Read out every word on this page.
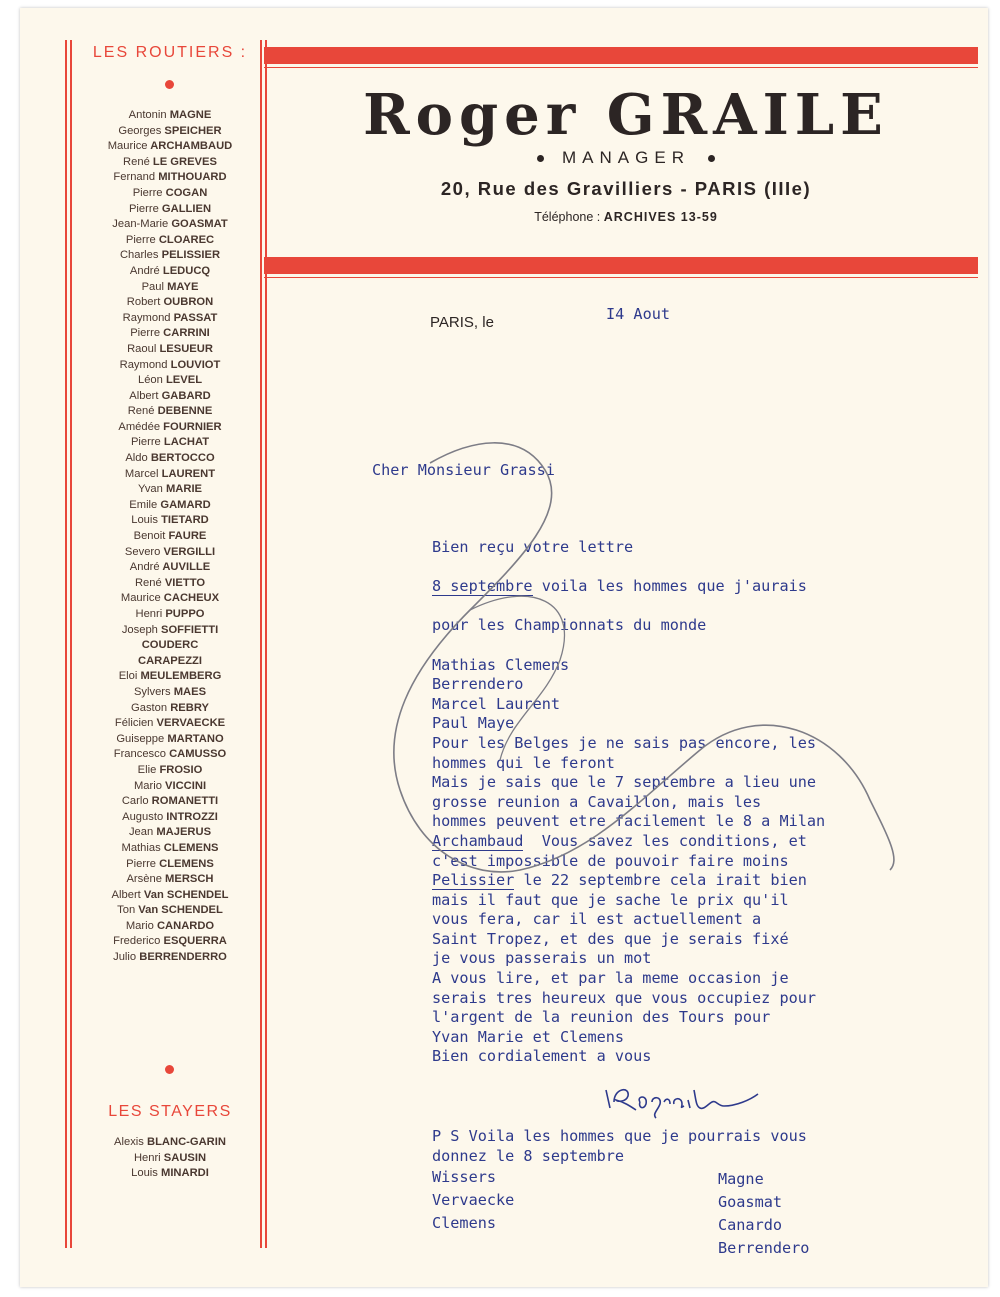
LES ROUTIERS :
Antonin MAGNE
Georges SPEICHER
Maurice ARCHAMBAUD
René LE GREVES
Fernand MITHOUARD
Pierre COGAN
Pierre GALLIEN
Jean-Marie GOASMAT
Pierre CLOAREC
Charles PELISSIER
André LEDUCQ
Paul MAYE
Robert OUBRON
Raymond PASSAT
Pierre CARRINI
Raoul LESUEUR
Raymond LOUVIOT
Léon LEVEL
Albert GABARD
René DEBENNE
Amédée FOURNIER
Pierre LACHAT
Aldo BERTOCCO
Marcel LAURENT
Yvan MARIE
Emile GAMARD
Louis TIETARD
Benoit FAURE
Severo VERGILLI
André AUVILLE
René VIETTO
Maurice CACHEUX
Henri PUPPO
Joseph SOFFIETTI
COUDERC
CARAPEZZI
Eloi MEULEMBERG
Sylvers MAES
Gaston REBRY
Félicien VERVAECKE
Guiseppe MARTANO
Francesco CAMUSSO
Elie FROSIO
Mario VICCINI
Carlo ROMANETTI
Augusto INTROZZI
Jean MAJERUS
Mathias CLEMENS
Pierre CLEMENS
Arsène MERSCH
Albert Van SCHENDEL
Ton Van SCHENDEL
Mario CANARDO
Frederico ESQUERRA
Julio BERRENDERRO
LES STAYERS
Alexis BLANC-GARIN
Henri SAUSIN
Louis MINARDI
Roger GRAILE
MANAGER
20, Rue des Gravilliers - PARIS (IIIe)
Téléphone : ARCHIVES 13-59
PARIS, le	I4 Aout
Cher Monsieur Grassi
Bien reçu votre lettre
8 septembre voila les hommes que j'aurais
pour les Championnats du monde
Mathias Clemens
Berrendero
Marcel Laurent
Paul Maye
Pour les Belges je ne sais pas encore, les
hommes qui le feront
Mais je sais que le 7 septembre a lieu une
grosse reunion a Cavaillon, mais les
hommes peuvent etre facilement le 8 a Milan
Archambaud  Vous savez les conditions, et
c'est impossible de pouvoir faire moins
Pelissier le 22 septembre cela irait bien
mais il faut que je sache le prix qu'il
vous fera, car il est actuellement a
Saint Tropez, et des que je serais fixé
je vous passerais un mot
A vous lire, et par la meme occasion je
serais tres heureux que vous occupiez pour
l'argent de la reunion des Tours pour
Yvan Marie et Clemens
Bien cordialement a vous
P S Voila les hommes que je pourrais vous
donnez le 8 septembre
Wissers
Vervaecke
Clemens
Magne
Goasmat
Canardo
Berrendero
